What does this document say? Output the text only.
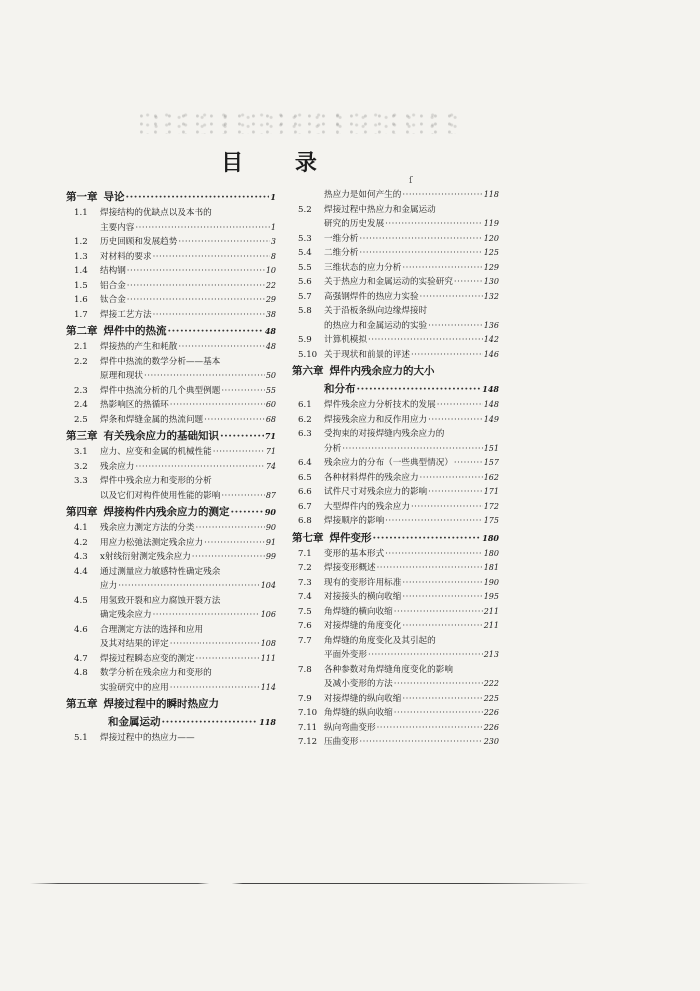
目 录
ſ
第一章 导论 ·····	1
1.1	焊接结构的优缺点以及本书的
主要内容 ·····	1
1.2	历史回顾和发展趋势 ·····	3
1.3	对材料的要求 ·····	8
1.4	结构钢 ·····	10
1.5	铝合金 ·····	22
1.6	钛合金 ·····	29
1.7	焊接工艺方法 ·····	38
第二章 焊件中的热流 ·····	48
2.1	焊接热的产生和耗散 ·····	48
2.2	焊件中热流的数学分析——基本
原理和现状 ·····	50
2.3	焊件中热流分析的几个典型例题 ·····	55
2.4	热影响区的热循环 ·····	60
2.5	焊条和焊缝金属的热流问题 ·····	68
第三章 有关残余应力的基础知识 ·····	71
3.1	应力、应变和金属的机械性能 ·····	71
3.2	残余应力 ·····	74
3.3	焊件中残余应力和变形的分析
以及它们对构件使用性能的影响 ·····	87
第四章 焊接构件内残余应力的测定 ·····	90
4.1	残余应力测定方法的分类 ·····	90
4.2	用应力松弛法测定残余应力 ·····	91
4.3	x射线衍射测定残余应力 ·····	99
4.4	通过测量应力敏感特性确定残余
应力 ·····	104
4.5	用氢致开裂和应力腐蚀开裂方法
确定残余应力 ·····	106
4.6	合理测定方法的选择和应用
及其对结果的评定 ·····	108
4.7	焊接过程瞬态应变的测定 ·····	111
4.8	数学分析在残余应力和变形的
实验研究中的应用 ·····	114
第五章 焊接过程中的瞬时热应力
和金属运动 ·····	118
5.1	焊接过程中的热应力——
热应力是如何产生的 ·····	118
5.2	焊接过程中热应力和金属运动
研究的历史发展 ·····	119
5.3	一维分析 ·····	120
5.4	二维分析 ·····	125
5.5	三维状态的应力分析 ·····	129
5.6	关于热应力和金属运动的实验研究 ·····	130
5.7	高强钢焊件的热应力实验 ·····	132
5.8	关于沿板条纵向边缘焊接时
的热应力和金属运动的实验 ·····	136
5.9	计算机模拟 ·····	142
5.10 关于现状和前景的评述 ·····	146
第六章 焊件内残余应力的大小
和分布 ·····	148
6.1	焊件残余应力分析技术的发展 ·····	148
6.2	焊接残余应力和反作用应力 ·····	149
6.3	受拘束的对接焊缝内残余应力的
分析 ·····	151
6.4	残余应力的分布（一些典型情况） ·····	157
6.5	各种材料焊件的残余应力 ·····	162
6.6	试件尺寸对残余应力的影响 ·····	171
6.7	大型焊件内的残余应力 ·····	172
6.8	焊接顺序的影响 ·····	175
第七章 焊件变形 ·····	180
7.1	变形的基本形式 ·····	180
7.2	焊接变形概述 ·····	181
7.3	现有的变形许用标准 ·····	190
7.4	对接接头的横向收缩 ·····	195
7.5	角焊缝的横向收缩 ·····	211
7.6	对接焊缝的角度变化 ·····	211
7.7	角焊缝的角度变化及其引起的
平面外变形 ·····	213
7.8	各种参数对角焊缝角度变化的影响
及减小变形的方法 ·····	222
7.9	对接焊缝的纵向收缩 ·····	225
7.10 角焊缝的纵向收缩 ·····	226
7.11 纵向弯曲变形 ·····	226
7.12 压曲变形 ·····	230
